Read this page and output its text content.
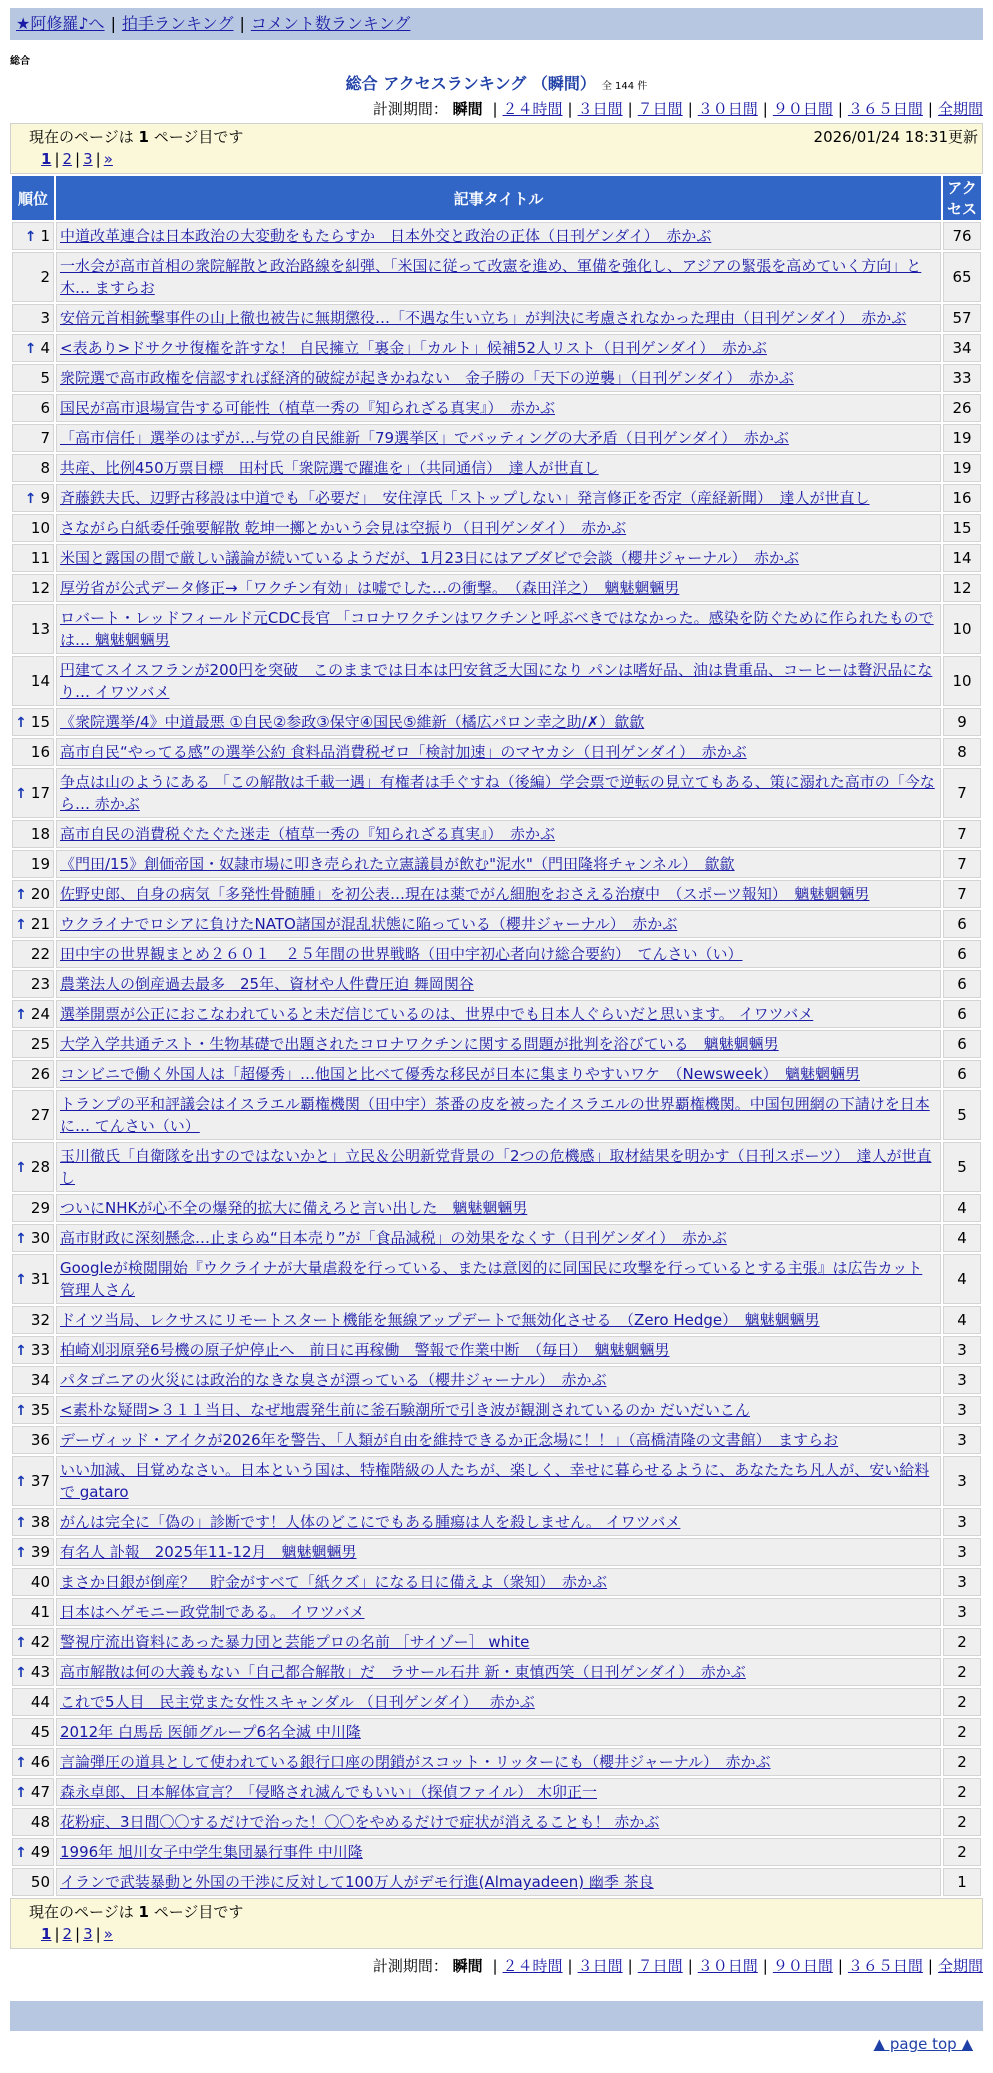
★阿修羅♪へ | 拍手ランキング | コメント数ランキング
総合
総合 アクセスランキング （瞬間） 全 144 件
計測期間： 瞬間 | ２４時間 | ３日間 | ７日間 | ３０日間 | ９０日間 | ３６５日間 | 全期間
現在のページは 1 ページ目です	2026/01/24 18:31更新
1 | 2 | 3 | »
順位	記事タイトル	アクセス
↑ 1	中道改革連合は日本政治の大変動をもたらすか　日本外交と政治の正体（日刊ゲンダイ）　赤かぶ	76
2	一水会が高市首相の衆院解散と政治路線を糾弾、「米国に従って改憲を進め、軍備を強化し、アジアの緊張を高めていく方向」と木… ますらお	65
3	安倍元首相銃撃事件の山上徹也被告に無期懲役…「不遇な生い立ち」が判決に考慮されなかった理由（日刊ゲンダイ）　赤かぶ	57
↑ 4	<表あり>ドサクサ復権を許すな！ 自民擁立「裏金」「カルト」候補52人リスト（日刊ゲンダイ）　赤かぶ	34
5	衆院選で高市政権を信認すれば経済的破綻が起きかねない　金子勝の「天下の逆襲」（日刊ゲンダイ）　赤かぶ	33
6	国民が高市退場宣告する可能性（植草一秀の『知られざる真実』）　赤かぶ	26
7	「高市信任」選挙のはずが…与党の自民維新「79選挙区」でバッティングの大矛盾（日刊ゲンダイ）　赤かぶ	19
8	共産、比例450万票目標　田村氏「衆院選で躍進を」（共同通信）　達人が世直し	19
↑ 9	斉藤鉄夫氏、辺野古移設は中道でも「必要だ」　安住淳氏「ストップしない」発言修正を否定（産経新聞）　達人が世直し	16
10	さながら白紙委任強要解散 乾坤一擲とかいう会見は空振り（日刊ゲンダイ）　赤かぶ	15
11	米国と露国の間で厳しい議論が続いているようだが、1月23日にはアブダビで会談（櫻井ジャーナル）　赤かぶ	14
12	厚労省が公式データ修正→「ワクチン有効」は嘘でした…の衝撃。　（森田洋之）　魑魅魍魎男	12
13	ロバート・レッドフィールド元CDC長官 「コロナワクチンはワクチンと呼ぶべきではなかった。感染を防ぐために作られたものでは… 魑魅魍魎男	10
14	円建てスイスフランが200円を突破　このままでは日本は円安貧乏大国になり パンは嗜好品、油は貴重品、コーヒーは贅沢品になり… イワツバメ	10
↑ 15	《衆院選挙/4》中道最悪 ①自民②参政③保守④国民⑤維新（橘広パロン幸之助/✗）歙歙	9
16	高市自民“やってる感”の選挙公約 食料品消費税ゼロ「検討加速」のマヤカシ（日刊ゲンダイ）　赤かぶ	8
↑ 17	争点は山のようにある 「この解散は千載一遇」有権者は手ぐすね（後編）学会票で逆転の見立てもある、策に溺れた高市の「今なら… 赤かぶ	7
18	高市自民の消費税ぐたぐた迷走（植草一秀の『知られざる真実』）　赤かぶ	7
19	《門田/15》創価帝国・奴隷市場に叩き売られた立憲議員が飲む"泥水"（門田隆将チャンネル）　歙歙	7
↑ 20	佐野史郎、自身の病気「多発性骨髄腫」を初公表…現在は薬でがん細胞をおさえる治療中　（スポーツ報知）　魑魅魍魎男	7
↑ 21	ウクライナでロシアに負けたNATO諸国が混乱状態に陥っている（櫻井ジャーナル）　赤かぶ	6
22	田中宇の世界観まとめ２６０１　２５年間の世界戦略（田中宇初心者向け総合要約）　てんさい（い）	6
23	農業法人の倒産過去最多　25年、資材や人件費圧迫 舞岡関谷	6
↑ 24	選挙開票が公正におこなわれていると未だ信じているのは、世界中でも日本人ぐらいだと思います。 イワツバメ	6
25	大学入学共通テスト・生物基礎で出題されたコロナワクチンに関する問題が批判を浴びている　魑魅魍魎男	6
26	コンビニで働く外国人は「超優秀」…他国と比べて優秀な移民が日本に集まりやすいワケ　（Newsweek）　魑魅魍魎男	6
27	トランプの平和評議会はイスラエル覇権機関（田中宇）茶番の皮を被ったイスラエルの世界覇権機関。中国包囲網の下請けを日本に… てんさい（い）	5
↑ 28	玉川徹氏「自衛隊を出すのではないかと」立民＆公明新党背景の「2つの危機感」取材結果を明かす（日刊スポーツ）　達人が世直し	5
29	ついにNHKが心不全の爆発的拡大に備えろと言い出した　魑魅魍魎男	4
↑ 30	高市財政に深刻懸念…止まらぬ“日本売り”が「食品減税」の効果をなくす（日刊ゲンダイ）　赤かぶ	4
↑ 31	Googleが検閲開始『ウクライナが大量虐殺を行っている、または意図的に同国民に攻撃を行っているとする主張』は広告カット 管理人さん	4
32	ドイツ当局、レクサスにリモートスタート機能を無線アップデートで無効化させる　（Zero Hedge）　魑魅魍魎男	4
↑ 33	柏崎刈羽原発6号機の原子炉停止へ　前日に再稼働　警報で作業中断　（毎日）　魑魅魍魎男	3
34	パタゴニアの火災には政治的なきな臭さが漂っている（櫻井ジャーナル）　赤かぶ	3
↑ 35	<素朴な疑問>３１１当日、なぜ地震発生前に釜石験潮所で引き波が観測されているのか だいだいこん	3
36	デーヴィッド・アイクが2026年を警告、「人類が自由を維持できるか正念場に！！」（高橋清隆の文書館）　ますらお	3
↑ 37	いい加減、目覚めなさい。日本という国は、特権階級の人たちが、楽しく、幸せに暮らせるように、あなたたち凡人が、安い給料で gataro	3
↑ 38	がんは完全に「偽の」診断です！人体のどこにでもある腫瘍は人を殺しません。 イワツバメ	3
↑ 39	有名人 訃報　2025年11-12月　魑魅魍魎男	3
40	まさか日銀が倒産？　貯金がすべて「紙クズ」になる日に備えよ（衆知）　赤かぶ	3
41	日本はヘゲモニー政党制である。 イワツバメ	3
↑ 42	警視庁流出資料にあった暴力団と芸能プロの名前 ［サイゾー］ white	2
↑ 43	高市解散は何の大義もない「自己都合解散」だ　ラサール石井 新・東慎西笑（日刊ゲンダイ）　赤かぶ	2
44	これで5人目　民主党また女性スキャンダル （日刊ゲンダイ）　 赤かぶ	2
45	2012年 白馬岳 医師グループ6名全滅 中川隆	2
↑ 46	言論弾圧の道具として使われている銀行口座の閉鎖がスコット・リッターにも（櫻井ジャーナル）　赤かぶ	2
↑ 47	森永卓郎、日本解体宣言？「侵略され滅んでもいい」（探偵ファイル） 木卯正一	2
48	花粉症、3日間〇〇するだけで治った！〇〇をやめるだけで症状が消えることも！ 赤かぶ	2
↑ 49	1996年 旭川女子中学生集団暴行事件 中川隆	2
50	イランで武装暴動と外国の干渉に反対して100万人がデモ行進(Almayadeen) 幽季 茶良	1
現在のページは 1 ページ目です
1 | 2 | 3 | »
計測期間： 瞬間 | ２４時間 | ３日間 | ７日間 | ３０日間 | ９０日間 | ３６５日間 | 全期間
▲ page top ▲
